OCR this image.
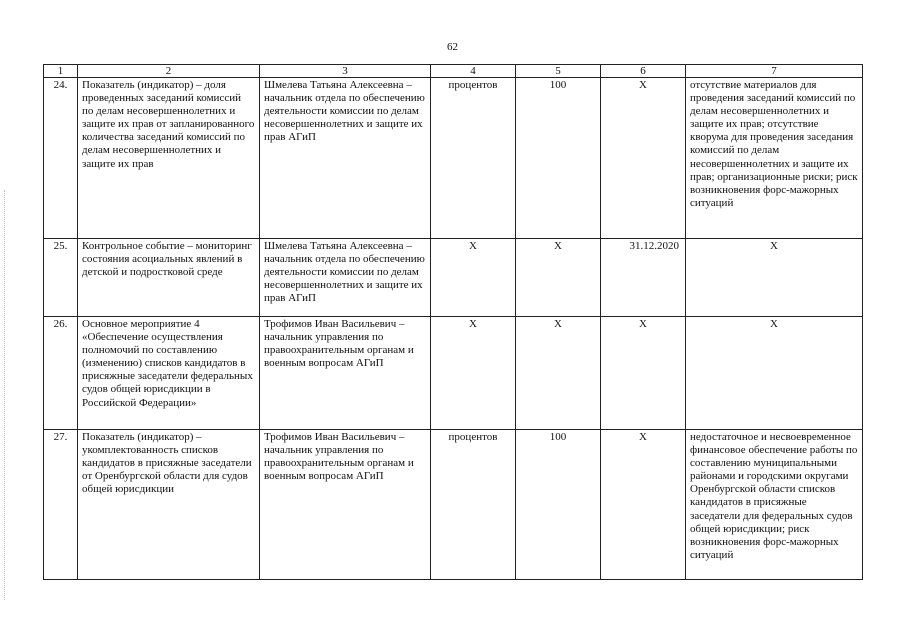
62
1	2	3	4	5	6	7
24.	Показатель (индикатор) – доля проведенных заседаний комиссий по делам несовершеннолетних и защите их прав от запланированного количества заседаний комиссий по делам несовершеннолетних и защите их прав	Шмелева Татьяна Алексеевна – начальник отдела по обеспечению деятельности комиссии по делам несовершеннолетних и защите их прав АГиП	процентов	100	Х	отсутствие материалов для проведения заседаний комиссий по делам несовершеннолетних и защите их прав; отсутствие кворума для проведения заседания комиссий по делам несовершеннолетних и защите их прав; организационные риски; риск возникновения форс-мажорных ситуаций
25.	Контрольное событие – мониторинг состояния асоциальных явлений в детской и подростковой среде	Шмелева Татьяна Алексеевна – начальник отдела по обеспечению деятельности комиссии по делам несовершеннолетних и защите их прав АГиП	Х	Х	31.12.2020	Х
26.	Основное мероприятие 4 «Обеспечение осуществления полномочий по составлению (изменению) списков кандидатов в присяжные заседатели федеральных судов общей юрисдикции в Российской Федерации»	Трофимов Иван Васильевич – начальник управления по правоохранительным органам и военным вопросам АГиП	Х	Х	Х	Х
27.	Показатель (индикатор) – укомплектованность списков кандидатов в присяжные заседатели от Оренбургской области для судов общей юрисдикции	Трофимов Иван Васильевич – начальник управления по правоохранительным органам и военным вопросам АГиП	процентов	100	Х	недостаточное и несвоевременное финансовое обеспечение работы по составлению муниципальными районами и городскими округами Оренбургской области списков кандидатов в присяжные заседатели для федеральных судов общей юрисдикции; риск возникновения форс-мажорных ситуаций
